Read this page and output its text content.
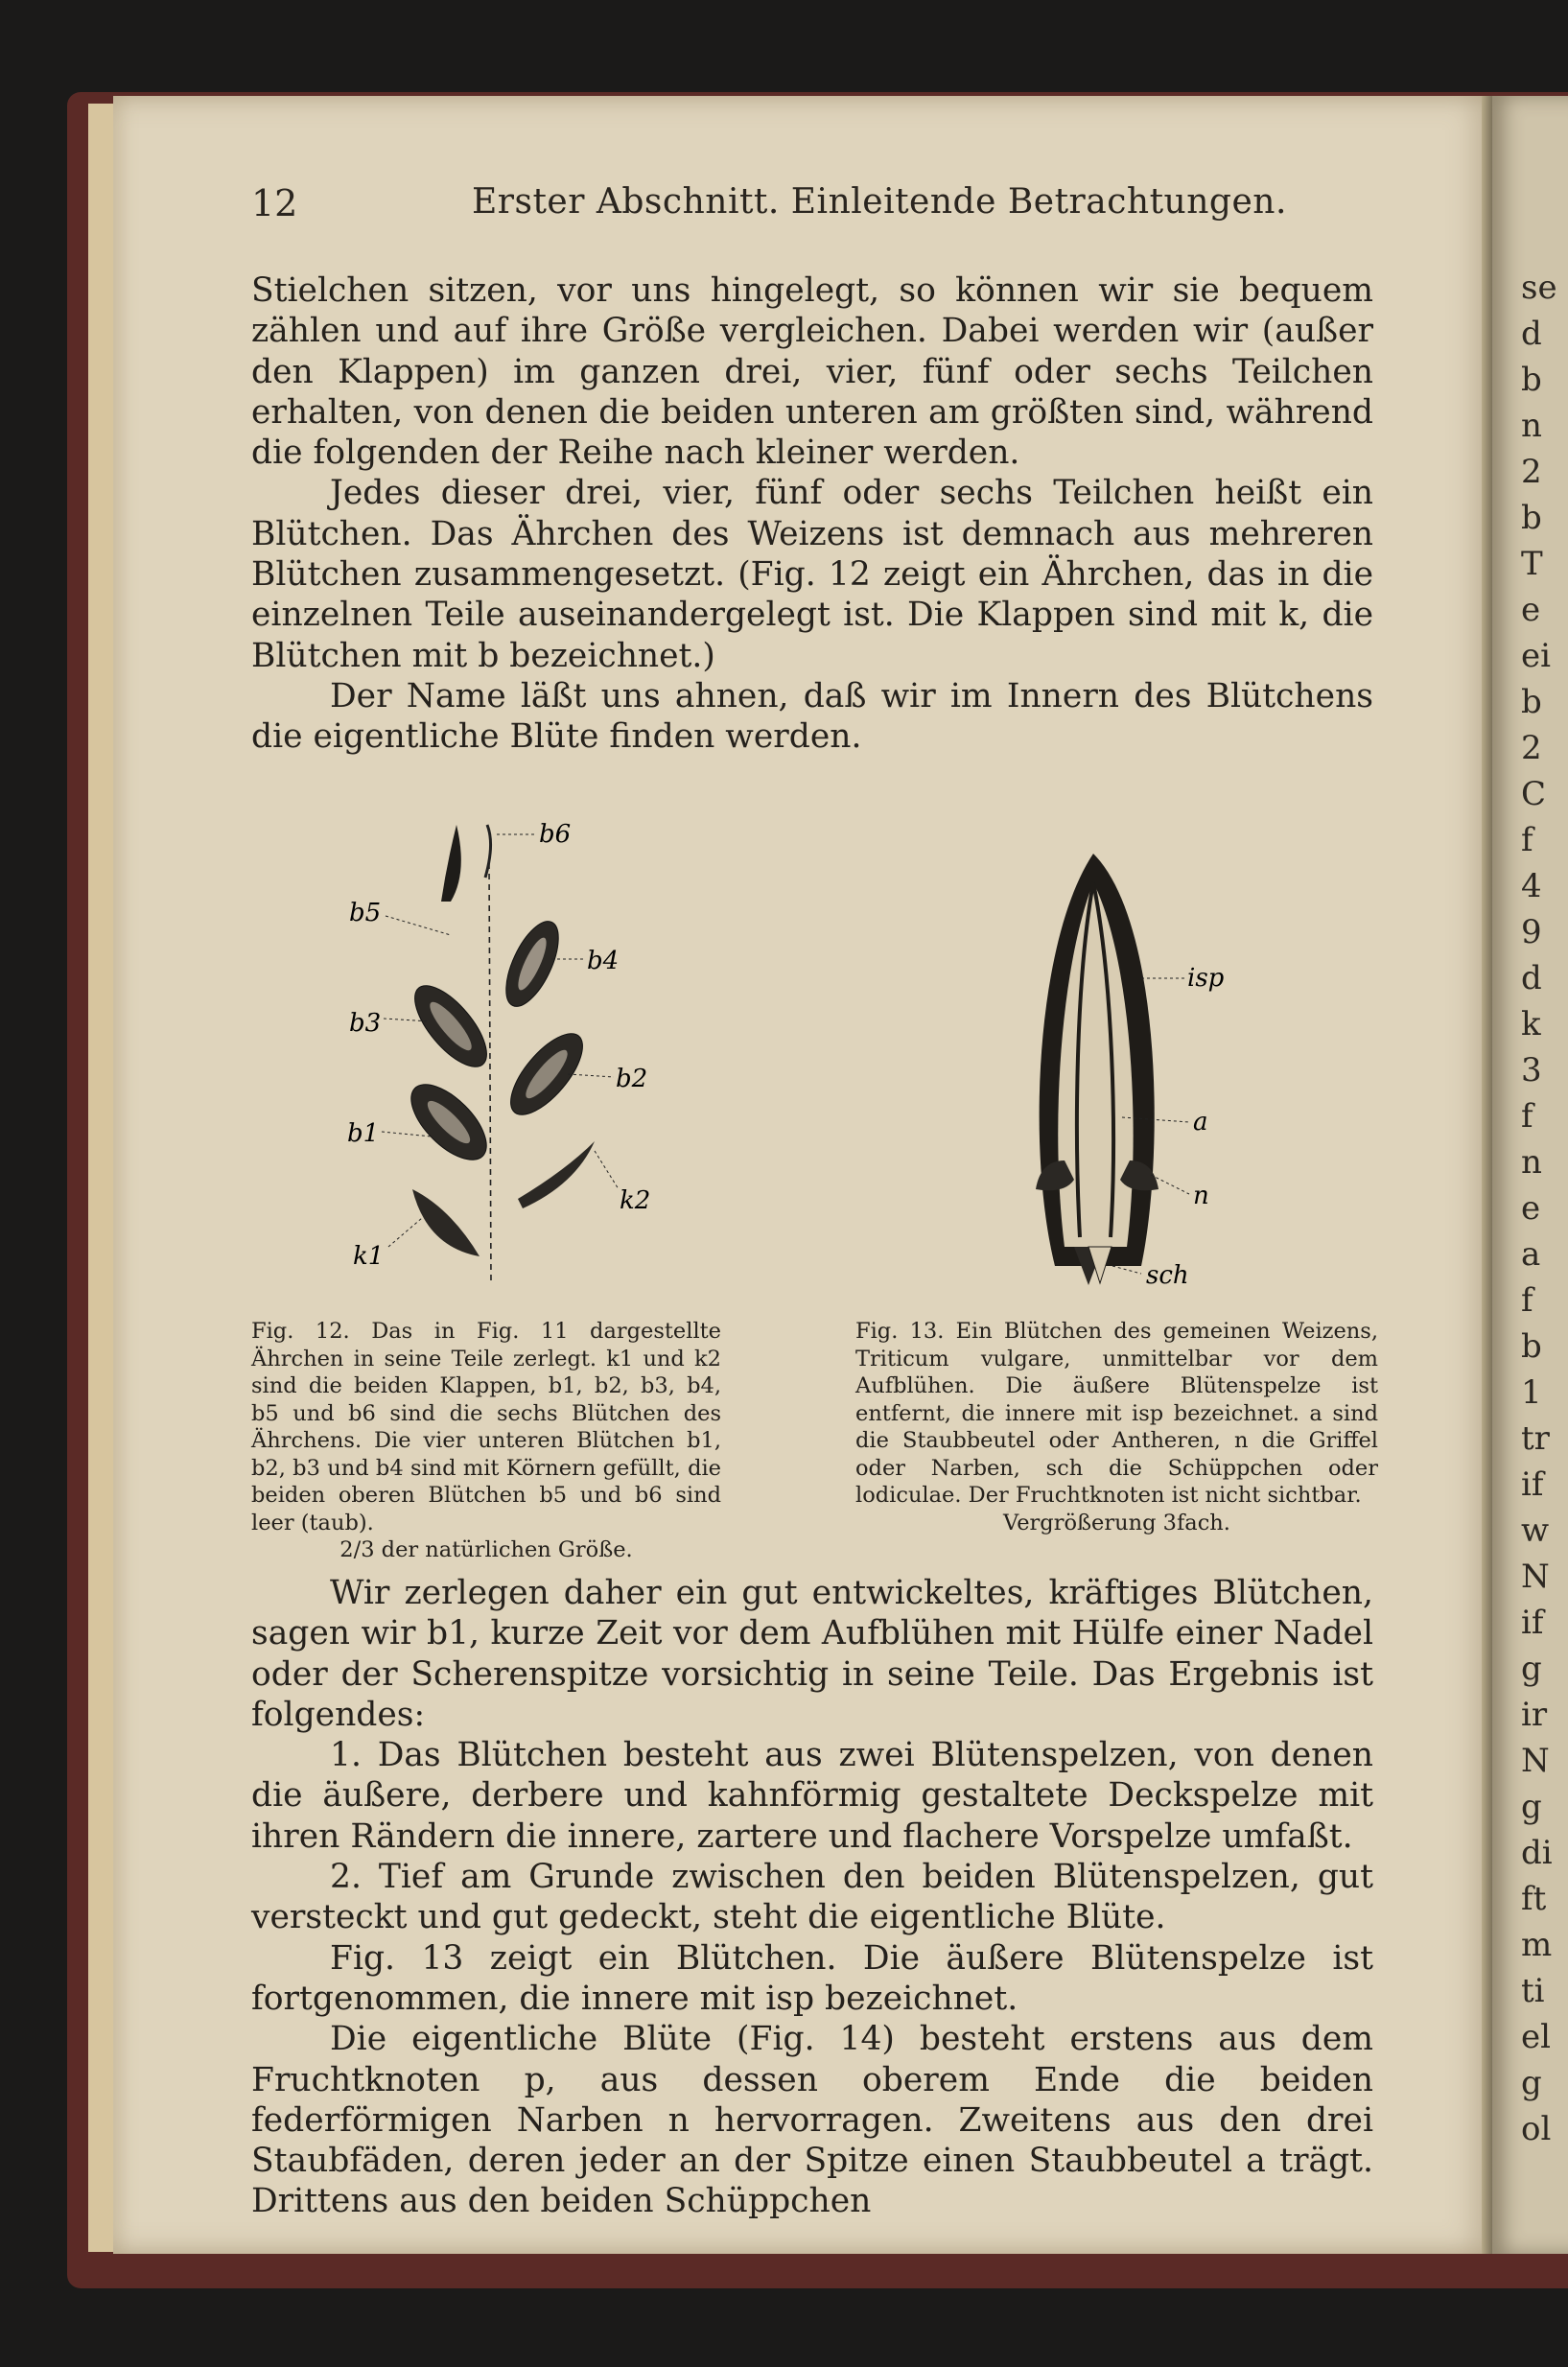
se
d
b
n
2
b
T
e
ei
b
2
C
f
4
9
d
k
3
f
n
e
a
f
b
1
tr
if
w
N
if
g
ir
N
g
di
ft
m
ti
el
g
ol
12	Erster Abschnitt. Einleitende Betrachtungen.

Stielchen sitzen, vor uns hingelegt, so können wir sie bequem zählen und auf ihre Größe vergleichen. Dabei werden wir (außer den Klappen) im ganzen drei, vier, fünf oder sechs Teilchen erhalten, von denen die beiden unteren am größten sind, während die folgenden der Reihe nach kleiner werden.

Jedes dieser drei, vier, fünf oder sechs Teilchen heißt ein Blütchen. Das Ährchen des Weizens ist demnach aus mehreren Blütchen zusammengesetzt. (Fig. 12 zeigt ein Ährchen, das in die einzelnen Teile auseinandergelegt ist. Die Klappen sind mit k, die Blütchen mit b bezeichnet.)

Der Name läßt uns ahnen, daß wir im Innern des Blütchens die eigentliche Blüte finden werden.

b6
b5
b4
b3
b2
b1
k2
k1
isp
a
n
sch
Fig. 12. Das in Fig. 11 dargestellte Ährchen in seine Teile zerlegt. k1 und k2 sind die beiden Klappen, b1, b2, b3, b4, b5 und b6 sind die sechs Blütchen des Ährchens. Die vier unteren Blütchen b1, b2, b3 und b4 sind mit Körnern gefüllt, die beiden oberen Blütchen b5 und b6 sind leer (taub).
2/3 der natürlichen Größe.
Fig. 13. Ein Blütchen des gemeinen Weizens, Triticum vulgare, unmittelbar vor dem Aufblühen. Die äußere Blütenspelze ist entfernt, die innere mit isp bezeichnet. a sind die Staubbeutel oder Antheren, n die Griffel oder Narben, sch die Schüppchen oder lodiculae. Der Fruchtknoten ist nicht sichtbar.
Vergrößerung 3fach.

Wir zerlegen daher ein gut entwickeltes, kräftiges Blütchen, sagen wir b1, kurze Zeit vor dem Aufblühen mit Hülfe einer Nadel oder der Scherenspitze vorsichtig in seine Teile. Das Ergebnis ist folgendes:

1. Das Blütchen besteht aus zwei Blütenspelzen, von denen die äußere, derbere und kahnförmig gestaltete Deckspelze mit ihren Rändern die innere, zartere und flachere Vorspelze umfaßt.

2. Tief am Grunde zwischen den beiden Blütenspelzen, gut versteckt und gut gedeckt, steht die eigentliche Blüte.

Fig. 13 zeigt ein Blütchen. Die äußere Blütenspelze ist fortgenommen, die innere mit isp bezeichnet.

Die eigentliche Blüte (Fig. 14) besteht erstens aus dem Fruchtknoten p, aus dessen oberem Ende die beiden federförmigen Narben n hervorragen. Zweitens aus den drei Staubfäden, deren jeder an der Spitze einen Staubbeutel a trägt. Drittens aus den beiden Schüppchen
